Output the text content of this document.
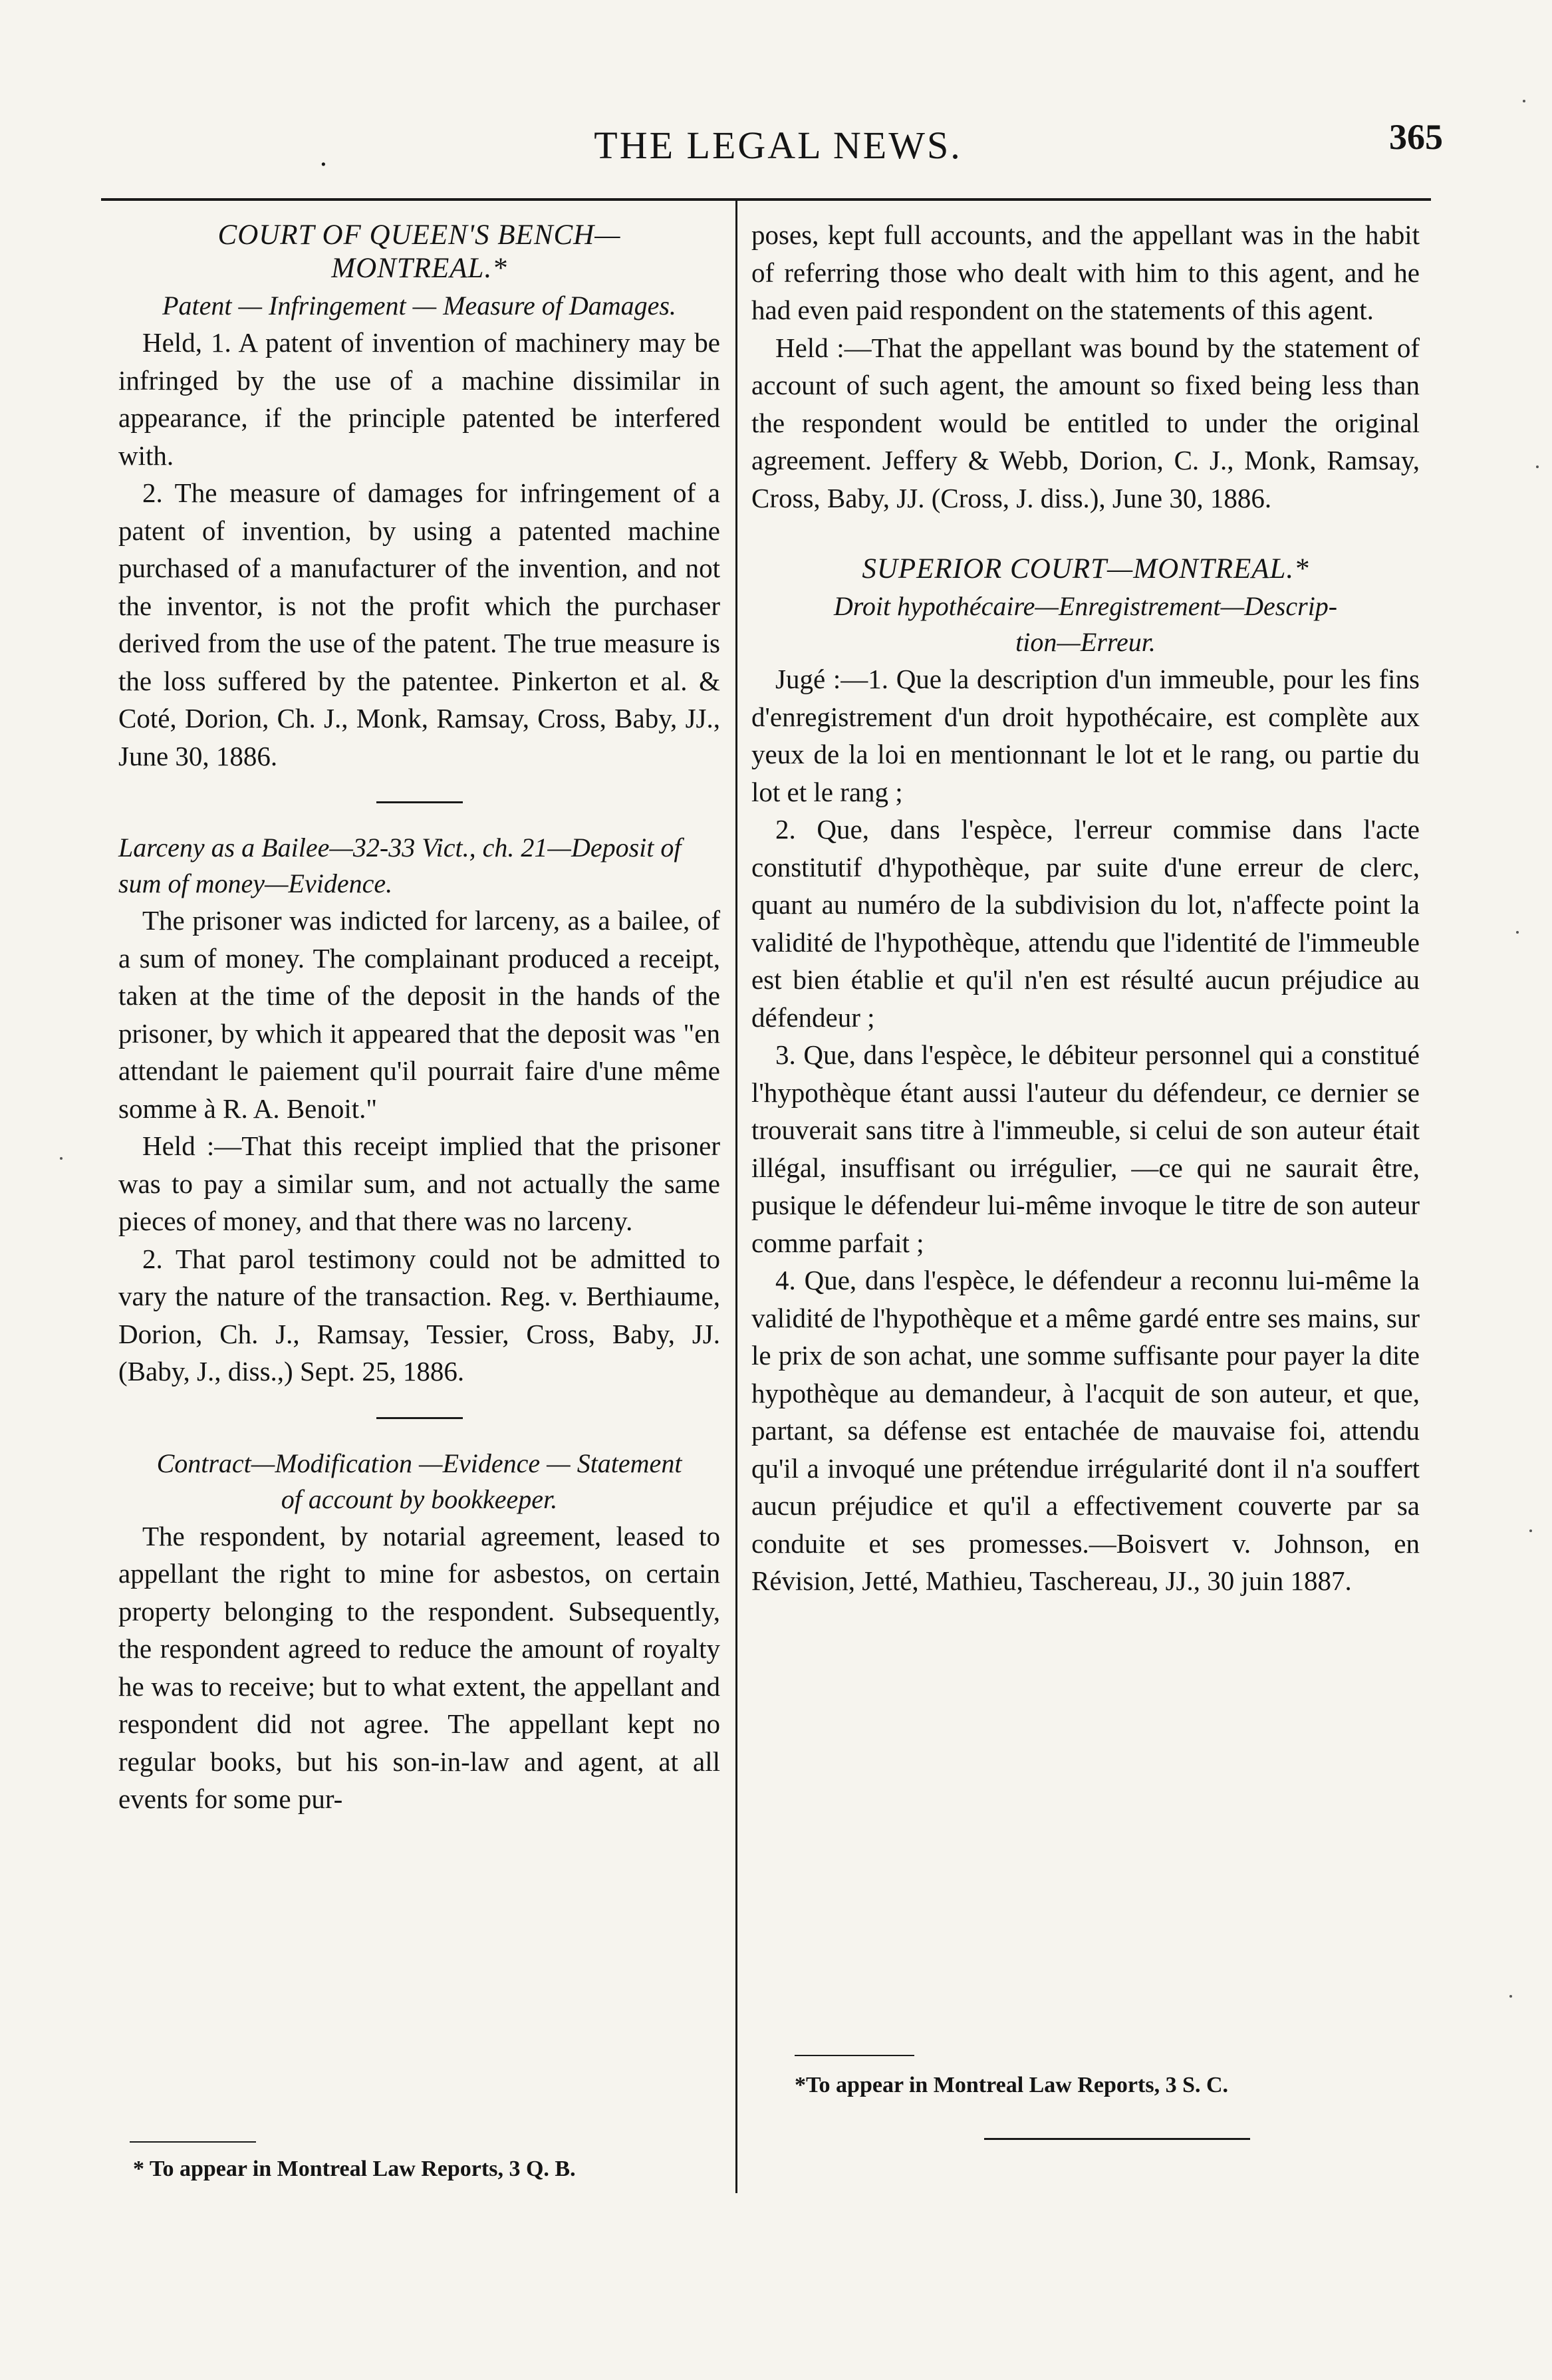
.	THE LEGAL NEWS.	365

COURT OF QUEEN'S BENCH—

MONTREAL.*

Patent — Infringement — Measure of Damages.

Held, 1. A patent of invention of machinery may be infringed by the use of a machine dissimilar in appearance, if the principle patented be interfered with.

2. The measure of damages for infringement of a patent of invention, by using a patented machine purchased of a manufacturer of the invention, and not the inventor, is not the profit which the purchaser derived from the use of the patent. The true measure is the loss suffered by the patentee. Pinkerton et al. & Coté, Dorion, Ch. J., Monk, Ramsay, Cross, Baby, JJ., June 30, 1886.

Larceny as a Bailee—32-33 Vict., ch. 21—Deposit of sum of money—Evidence.

The prisoner was indicted for larceny, as a bailee, of a sum of money. The complainant produced a receipt, taken at the time of the deposit in the hands of the prisoner, by which it appeared that the deposit was "en attendant le paiement qu'il pourrait faire d'une même somme à R. A. Benoit."

Held :—That this receipt implied that the prisoner was to pay a similar sum, and not actually the same pieces of money, and that there was no larceny.

2. That parol testimony could not be admitted to vary the nature of the transaction. Reg. v. Berthiaume, Dorion, Ch. J., Ramsay, Tessier, Cross, Baby, JJ. (Baby, J., diss.,) Sept. 25, 1886.

Contract—Modification —Evidence — Statement

of account by bookkeeper.

The respondent, by notarial agreement, leased to appellant the right to mine for asbestos, on certain property belonging to the respondent. Subsequently, the respondent agreed to reduce the amount of royalty he was to receive; but to what extent, the appellant and respondent did not agree. The appellant kept no regular books, but his son-in-law and agent, at all events for some pur-

* To appear in Montreal Law Reports, 3 Q. B.

poses, kept full accounts, and the appellant was in the habit of referring those who dealt with him to this agent, and he had even paid respondent on the statements of this agent.

Held :—That the appellant was bound by the statement of account of such agent, the amount so fixed being less than the respondent would be entitled to under the original agreement. Jeffery & Webb, Dorion, C. J., Monk, Ramsay, Cross, Baby, JJ. (Cross, J. diss.), June 30, 1886.

SUPERIOR COURT—MONTREAL.*

Droit hypothécaire—Enregistrement—Descrip-

tion—Erreur.

Jugé :—1. Que la description d'un immeuble, pour les fins d'enregistrement d'un droit hypothécaire, est complète aux yeux de la loi en mentionnant le lot et le rang, ou partie du lot et le rang ;

2. Que, dans l'espèce, l'erreur commise dans l'acte constitutif d'hypothèque, par suite d'une erreur de clerc, quant au numéro de la subdivision du lot, n'affecte point la validité de l'hypothèque, attendu que l'identité de l'immeuble est bien établie et qu'il n'en est résulté aucun préjudice au défendeur ;

3. Que, dans l'espèce, le débiteur personnel qui a constitué l'hypothèque étant aussi l'auteur du défendeur, ce dernier se trouverait sans titre à l'immeuble, si celui de son auteur était illégal, insuffisant ou irrégulier, —ce qui ne saurait être, pusique le défendeur lui-même invoque le titre de son auteur comme parfait ;

4. Que, dans l'espèce, le défendeur a reconnu lui-même la validité de l'hypothèque et a même gardé entre ses mains, sur le prix de son achat, une somme suffisante pour payer la dite hypothèque au demandeur, à l'acquit de son auteur, et que, partant, sa défense est entachée de mauvaise foi, attendu qu'il a invoqué une prétendue irrégularité dont il n'a souffert aucun préjudice et qu'il a effectivement couverte par sa conduite et ses promesses.—Boisvert v. Johnson, en Révision, Jetté, Mathieu, Taschereau, JJ., 30 juin 1887.

*To appear in Montreal Law Reports, 3 S. C.
